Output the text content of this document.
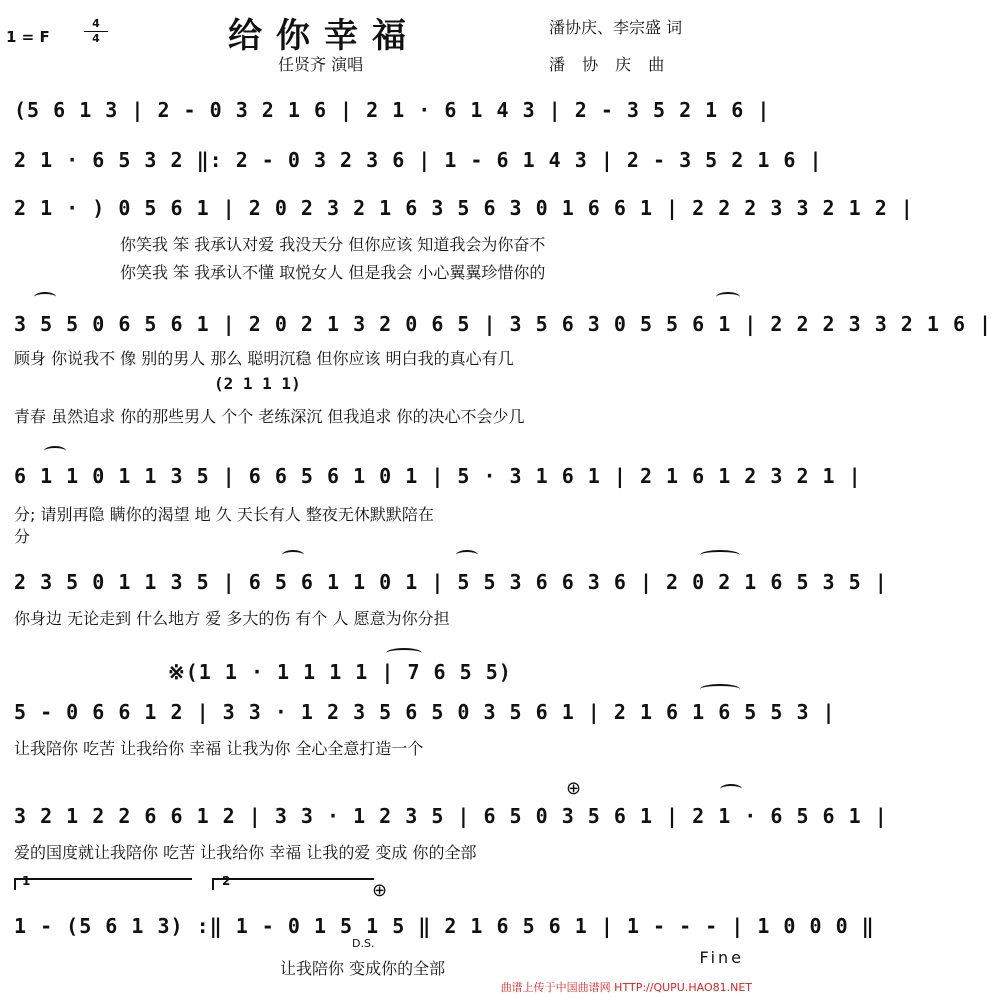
1 = F
4
4	给你幸福
任贤齐 演唱
潘协庆、李宗盛 词
潘 协 庆 曲
(5 6 1 3 | 2 - 0 3 2 1 6 | 2 1 · 6 1 4 3 | 2 - 3 5 2 1 6 |
2 1 · 6 5 3 2 ‖: 2 - 0 3 2 3 6 | 1 - 6 1 4 3 | 2 - 3 5 2 1 6 |
2 1 · ) 0 5 6 1 | 2 0 2 3 2 1 6 3 5 6 3 0 1 6 6 1 | 2 2 2 3 3 2 1 2 |
你笑我 笨 我承认对爱 我没天分 但你应该 知道我会为你奋不
你笑我 笨 我承认不懂 取悦女人 但是我会 小心翼翼珍惜你的
3 5 5 0 6 5 6 1 | 2 0 2 1 3 2 0 6 5 | 3 5 6 3 0 5 5 6 1 | 2 2 2 3 3 2 1 6 |
顾身 你说我不 像 别的男人 那么 聪明沉稳 但你应该 明白我的真心有几
(2 1 1 1)
青春 虽然追求 你的那些男人 个个 老练深沉 但我追求 你的决心不会少几
6 1 1 0 1 1 3 5 | 6 6 5 6 1 0 1 | 5 · 3 1 6 1 | 2 1 6 1 2 3 2 1 |
分; 请别再隐 瞒你的渴望 地 久 天长有人 整夜无休默默陪在
分
2 3 5 0 1 1 3 5 | 6 5 6 1 1 0 1 | 5 5 3 6 6 3 6 | 2 0 2 1 6 5 3 5 |
你身边 无论走到 什么地方 爱 多大的伤 有个 人 愿意为你分担
※(1 1 · 1 1 1 1 | 7 6 5 5)
5 - 0 6 6 1 2 | 3 3 · 1 2 3 5 6 5 0 3 5 6 1 | 2 1 6 1 6 5 5 3 |
让我陪你 吃苦 让我给你 幸福 让我为你 全心全意打造一个
3 2 1 2 2 6 6 1 2 | 3 3 · 1 2 3 5 | 6 5 0 3 5 6 1 | 2 1 · 6 5 6 1 |
爱的国度就让我陪你 吃苦 让我给你 幸福 让我的爱 变成 你的全部
⊕
1	2	⊕
1 - (5 6 1 3) :‖ 1 - 0 1 5 1 5 ‖ 2 1 6 5 6 1 | 1 - - - | 1 0 0 0 ‖
D.S.
让我陪你 变成你的全部
Fine
曲谱上传于中国曲谱网 HTTP://QUPU.HAO81.NET
